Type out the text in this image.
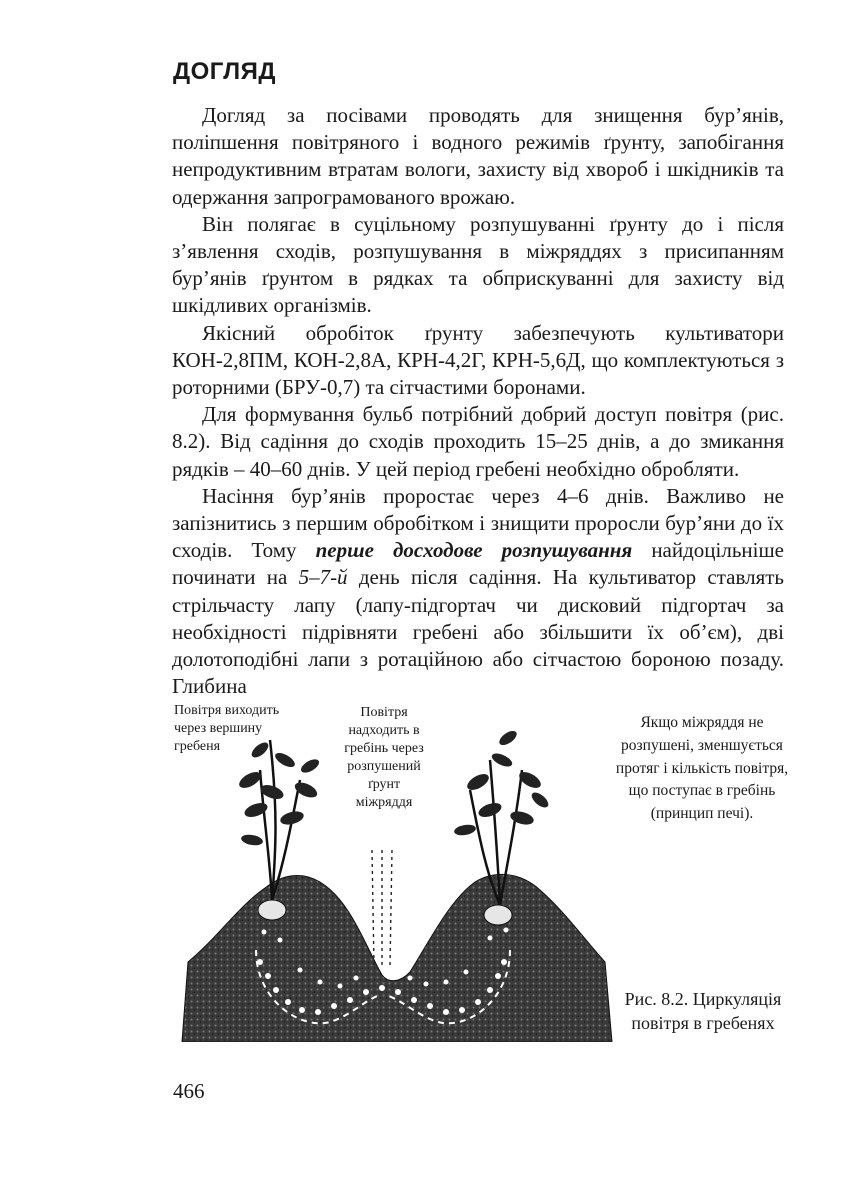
ДОГЛЯД

Догляд за посівами проводять для знищення бур’янів, поліпшення повітряного і водного режимів ґрунту, запобігання непродуктивним втратам вологи, захисту від хвороб і шкідників та одержання запрограмованого врожаю.

Він полягає в суцільному розпушуванні ґрунту до і після з’явлення сходів, розпушування в міжряддях з присипанням бур’янів ґрунтом в рядках та обприскуванні для захисту від шкідливих організмів.

Якісний обробіток ґрунту забезпечують культиватори КОН-2,8ПМ, КОН-2,8А, КРН-4,2Г, КРН-5,6Д, що комплектуються з роторними (БРУ-0,7) та сітчастими боронами.

Для формування бульб потрібний добрий доступ повітря (рис. 8.2). Від садіння до сходів проходить 15–25 днів, а до змикання рядків – 40–60 днів. У цей період гребені необхідно обробляти.

Насіння бур’янів проростає через 4–6 днів. Важливо не запізнитись з першим обробітком і знищити проросли бур’яни до їх сходів. Тому перше досходове розпушування найдоцільніше починати на 5–7-й день після садіння. На культиватор ставлять стрільчасту лапу (лапу-підгортач чи дисковий підгортач за необхідності підрівняти гребені або збільшити їх об’єм), дві долотоподібні лапи з ротаційною або сітчастою бороною позаду. Глибина

Повітря виходить через вершину гребеня
Повітря надходить в гребінь через розпушений ґрунт міжряддя
Якщо міжряддя не розпушені, зменшується протяг і кількість повітря, що поступає в гребінь (принцип печі).
Рис. 8.2. Циркуляція повітря в гребенях
466
